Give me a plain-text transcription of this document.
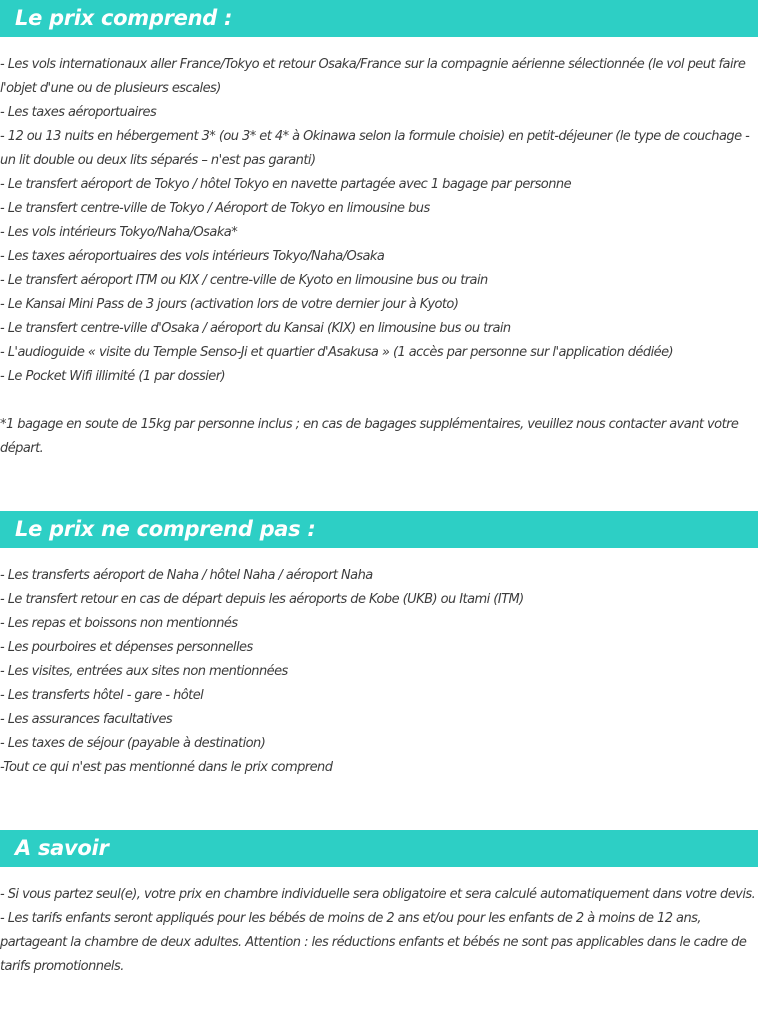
Le prix comprend :

- Les vols internationaux aller France/Tokyo et retour Osaka/France sur la compagnie aérienne sélectionnée (le vol peut faire l'objet d'une ou de plusieurs escales)

- Les taxes aéroportuaires

- 12 ou 13 nuits en hébergement 3* (ou 3* et 4* à Okinawa selon la formule choisie) en petit-déjeuner (le type de couchage - un lit double ou deux lits séparés – n'est pas garanti)

- Le transfert aéroport de Tokyo / hôtel Tokyo en navette partagée avec 1 bagage par personne

- Le transfert centre-ville de Tokyo / Aéroport de Tokyo en limousine bus

- Les vols intérieurs Tokyo/Naha/Osaka*

- Les taxes aéroportuaires des vols intérieurs Tokyo/Naha/Osaka

- Le transfert aéroport ITM ou KIX / centre-ville de Kyoto en limousine bus ou train

- Le Kansai Mini Pass de 3 jours (activation lors de votre dernier jour à Kyoto)

- Le transfert centre-ville d'Osaka / aéroport du Kansai (KIX) en limousine bus ou train

- L'audioguide « visite du Temple Senso-Ji et quartier d'Asakusa » (1 accès par personne sur l'application dédiée)

- Le Pocket Wifi illimité (1 par dossier)

*1 bagage en soute de 15kg par personne inclus ; en cas de bagages supplémentaires, veuillez nous contacter avant votre départ.

Le prix ne comprend pas :

- Les transferts aéroport de Naha / hôtel Naha / aéroport Naha

- Le transfert retour en cas de départ depuis les aéroports de Kobe (UKB) ou Itami (ITM)

- Les repas et boissons non mentionnés

- Les pourboires et dépenses personnelles

- Les visites, entrées aux sites non mentionnées

- Les transferts hôtel - gare - hôtel

- Les assurances facultatives

- Les taxes de séjour (payable à destination)

-Tout ce qui n'est pas mentionné dans le prix comprend

A savoir

- Si vous partez seul(e), votre prix en chambre individuelle sera obligatoire et sera calculé automatiquement dans votre devis.

- Les tarifs enfants seront appliqués pour les bébés de moins de 2 ans et/ou pour les enfants de 2 à moins de 12 ans, partageant la chambre de deux adultes. Attention : les réductions enfants et bébés ne sont pas applicables dans le cadre de tarifs promotionnels.
